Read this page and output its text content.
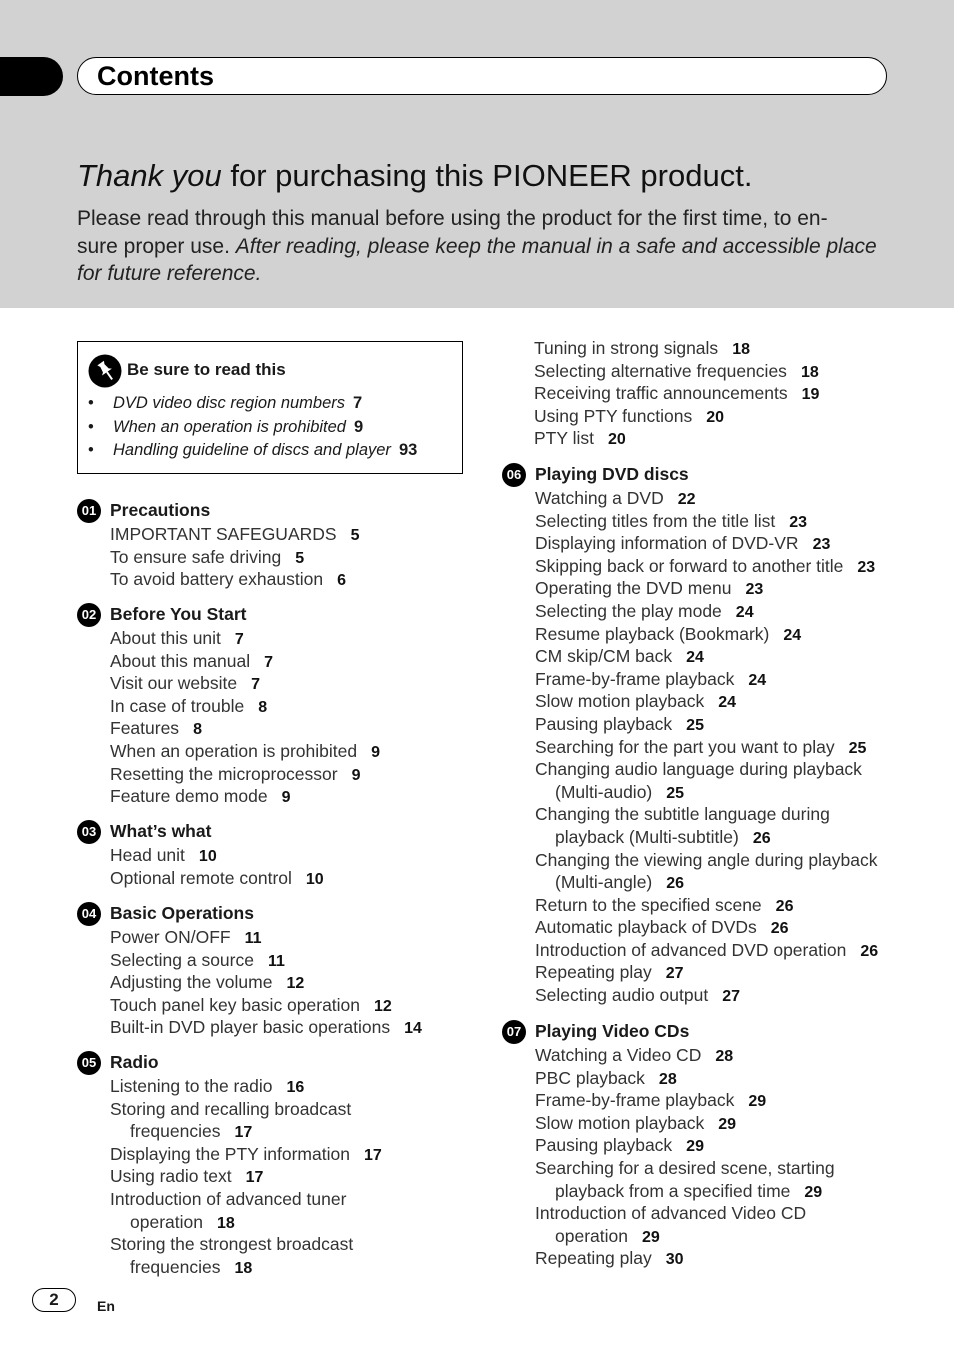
Contents
Thank you for purchasing this PIONEER product.
Please read through this manual before using the product for the first time, to en-
sure proper use. After reading, please keep the manual in a safe and accessible place
for future reference.
Be sure to read this
• DVD video disc region numbers 7
• When an operation is prohibited 9
• Handling guideline of discs and player 93
01 Precautions
IMPORTANT SAFEGUARDS 5
To ensure safe driving 5
To avoid battery exhaustion 6
02 Before You Start
About this unit 7
About this manual 7
Visit our website 7
In case of trouble 8
Features 8
When an operation is prohibited 9
Resetting the microprocessor 9
Feature demo mode 9
03 What’s what
Head unit 10
Optional remote control 10
04 Basic Operations
Power ON/OFF 11
Selecting a source 11
Adjusting the volume 12
Touch panel key basic operation 12
Built-in DVD player basic operations 14
05 Radio
Listening to the radio 16
Storing and recalling broadcast
frequencies 17
Displaying the PTY information 17
Using radio text 17
Introduction of advanced tuner
operation 18
Storing the strongest broadcast
frequencies 18
Tuning in strong signals 18
Selecting alternative frequencies 18
Receiving traffic announcements 19
Using PTY functions 20
PTY list 20
06 Playing DVD discs
Watching a DVD 22
Selecting titles from the title list 23
Displaying information of DVD-VR 23
Skipping back or forward to another title 23
Operating the DVD menu 23
Selecting the play mode 24
Resume playback (Bookmark) 24
CM skip/CM back 24
Frame-by-frame playback 24
Slow motion playback 24
Pausing playback 25
Searching for the part you want to play 25
Changing audio language during playback
(Multi-audio) 25
Changing the subtitle language during
playback (Multi-subtitle) 26
Changing the viewing angle during playback
(Multi-angle) 26
Return to the specified scene 26
Automatic playback of DVDs 26
Introduction of advanced DVD operation 26
Repeating play 27
Selecting audio output 27
07 Playing Video CDs
Watching a Video CD 28
PBC playback 28
Frame-by-frame playback 29
Slow motion playback 29
Pausing playback 29
Searching for a desired scene, starting
playback from a specified time 29
Introduction of advanced Video CD
operation 29
Repeating play 30
2	En
